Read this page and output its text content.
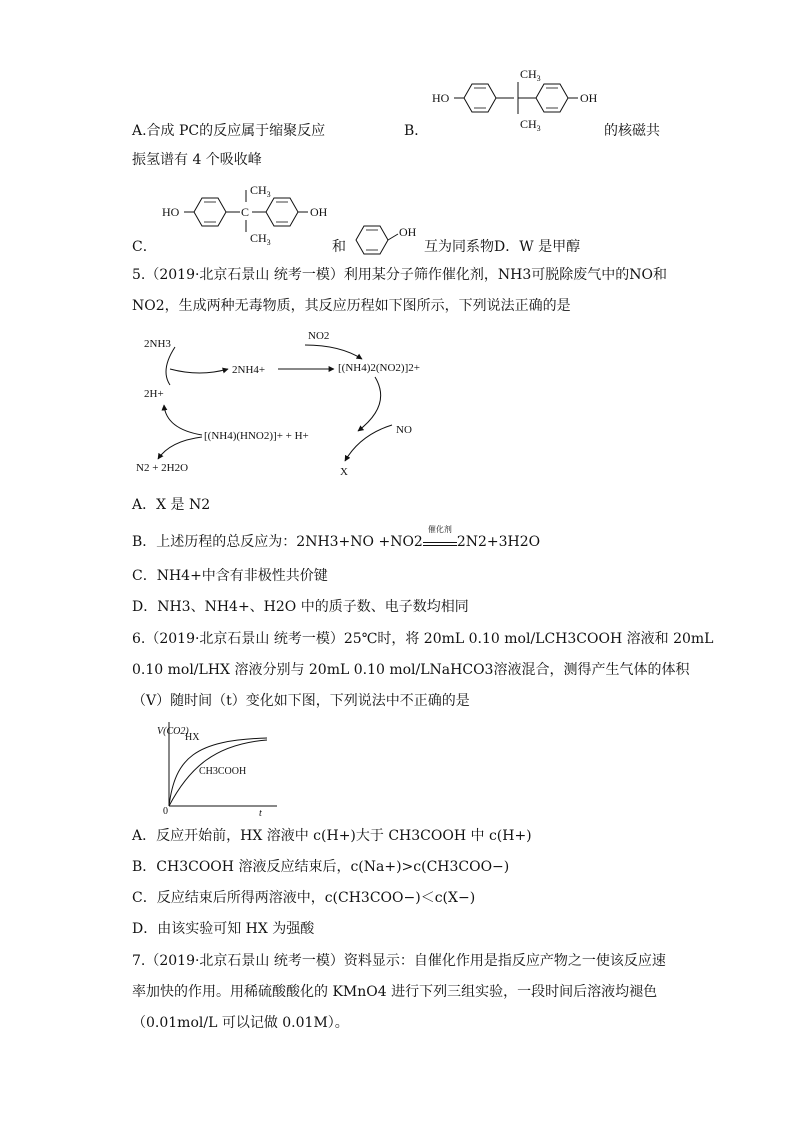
A.合成 PC的反应属于缩聚反应	B．
HO
$CH_3$
$CH_3$
OH
的核磁共
振氢谱有 4 个吸收峰
HO	C
$CH_3$
$CH_3$
OH
C．	和
OH
互为同系物D．W 是甲醇
5.（2019·北京石景山 统考一模）利用某分子筛作催化剂，NH3可脱除废气中的NO和
NO2，生成两种无毒物质，其反应历程如下图所示，下列说法正确的是
2NH3
2NH4+
2H+
NO2
[(NH4)2(NO2)]2+
NO
[(NH4)(HNO2)]+ + H+
N2 + 2H2O	X
A．X 是 N2
B．上述历程的总反应为：2NH3+NO +NO2
催化剂
2N2+3H2O
C．NH4+中含有非极性共价键
D．NH3、NH4+、H2O 中的质子数、电子数均相同
6.（2019·北京石景山 统考一模）25℃时，将 20mL 0.10 mol/LCH3COOH 溶液和 20mL
0.10 mol/LHX 溶液分别与 20mL 0.10 mol/LNaHCO3溶液混合，测得产生气体的体积
（V）随时间（t）变化如下图，下列说法中不正确的是
V(CO2)
0	t
HX
CH3COOH
A．反应开始前，HX 溶液中 c(H+)大于 CH3COOH 中 c(H+)
B．CH3COOH 溶液反应结束后，c(Na+)>c(CH3COO−)
C．反应结束后所得两溶液中，c(CH3COO−)＜c(X−)
D．由该实验可知 HX 为强酸
7.（2019·北京石景山 统考一模）资料显示：自催化作用是指反应产物之一使该反应速
率加快的作用。用稀硫酸酸化的 KMnO4 进行下列三组实验，一段时间后溶液均褪色
（0.01mol/L 可以记做 0.01M）。
